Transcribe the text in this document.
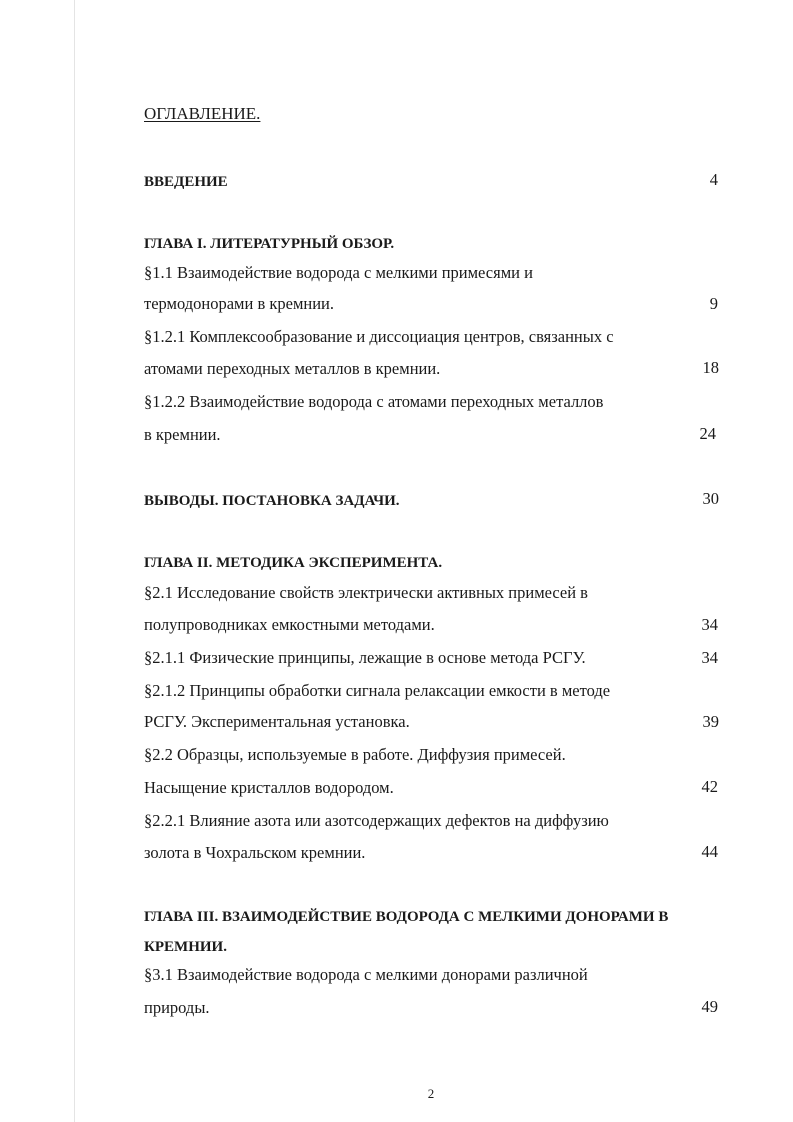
ОГЛАВЛЕНИЕ.
ВВЕДЕНИЕ	4
ГЛАВА I. ЛИТЕРАТУРНЫЙ ОБЗОР.
§1.1 Взаимодействие водорода с мелкими примесями и
термодонорами в кремнии.	9
§1.2.1 Комплексообразование и диссоциация центров, связанных с
атомами переходных металлов в кремнии.	18
§1.2.2 Взаимодействие водорода с атомами переходных металлов
в кремнии.	24
ВЫВОДЫ. ПОСТАНОВКА ЗАДАЧИ.	30
ГЛАВА II. МЕТОДИКА ЭКСПЕРИМЕНТА.
§2.1 Исследование свойств электрически активных примесей в
полупроводниках емкостными методами.	34
§2.1.1 Физические принципы, лежащие в основе метода РСГУ.	34
§2.1.2 Принципы обработки сигнала релаксации емкости в методе
РСГУ. Экспериментальная установка.	39
§2.2 Образцы, используемые в работе. Диффузия примесей.
Насыщение кристаллов водородом.	42
§2.2.1 Влияние азота или азотсодержащих дефектов на диффузию
золота в Чохральском кремнии.	44
ГЛАВА III. ВЗАИМОДЕЙСТВИЕ ВОДОРОДА С МЕЛКИМИ ДОНОРАМИ В
КРЕМНИИ.
§3.1 Взаимодействие водорода с мелкими донорами различной
природы.	49
2
